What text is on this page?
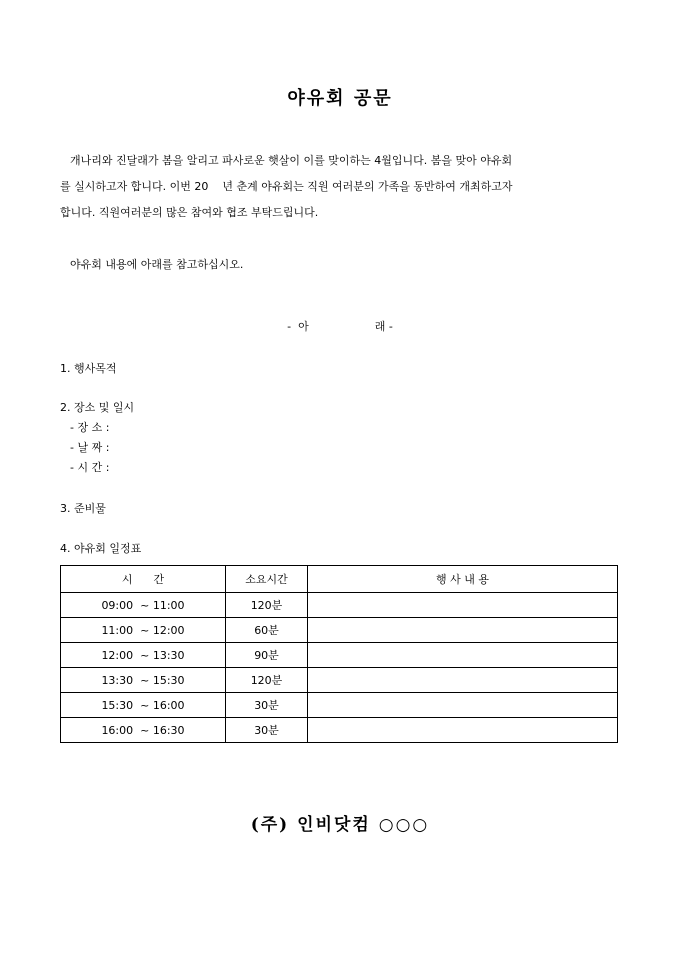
야유회 공문
개나리와 진달래가 봄을 알리고 파사로운 햇살이 이를 맞이하는 4월입니다. 봄을 맞아 야유회
를 실시하고자 합니다. 이번 20    년 춘계 야유회는 직원 여러분의 가족을 동반하여 개최하고자
합니다. 직원여러분의 많은 참여와 협조 부탁드립니다.
야유회 내용에 아래를 참고하십시오.
-  아	래 -
1. 행사목적
2. 장소 및 일시
- 장 소 :
- 날 짜 :
- 시 간 :
3. 준비물
4. 야유회 일정표
시      간	소요시간	행 사 내 용
09:00  ~ 11:00	120분	
11:00  ~ 12:00	60분	
12:00  ~ 13:30	90분	
13:30  ~ 15:30	120분	
15:30  ~ 16:00	30분	
16:00  ~ 16:30	30분	
(주) 인비닷컴 ○○○
